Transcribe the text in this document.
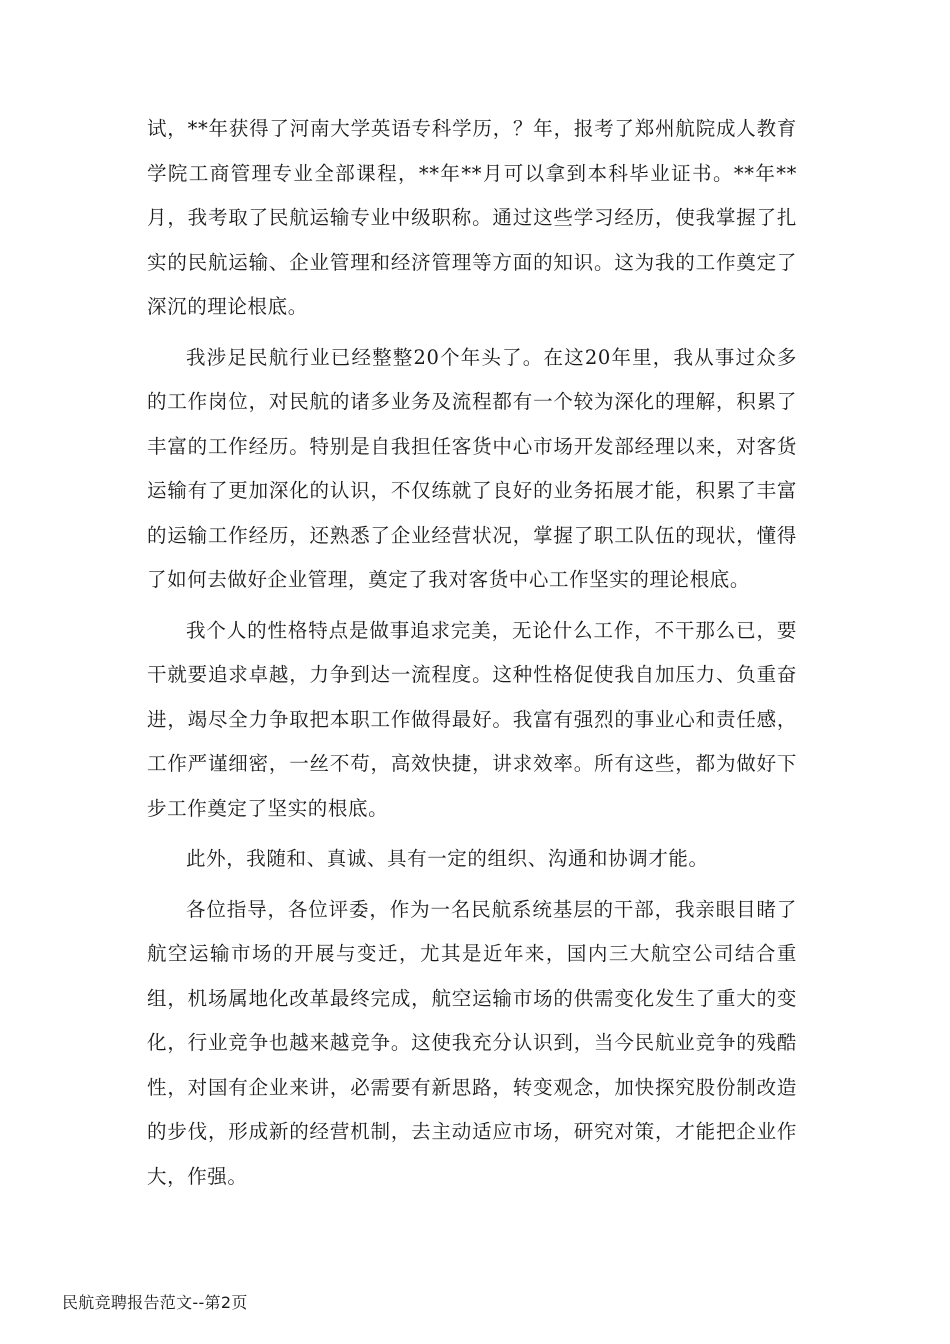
试，**年获得了河南大学英语专科学历，？年，报考了郑州航院成人教育学院工商管理专业全部课程，**年**月可以拿到本科毕业证书。**年**月，我考取了民航运输专业中级职称。通过这些学习经历，使我掌握了扎实的民航运输、企业管理和经济管理等方面的知识。这为我的工作奠定了深沉的理论根底。

我涉足民航行业已经整整20个年头了。在这20年里，我从事过众多的工作岗位，对民航的诸多业务及流程都有一个较为深化的理解，积累了丰富的工作经历。特别是自我担任客货中心市场开发部经理以来，对客货运输有了更加深化的认识，不仅练就了良好的业务拓展才能，积累了丰富的运输工作经历，还熟悉了企业经营状况，掌握了职工队伍的现状，懂得了如何去做好企业管理，奠定了我对客货中心工作坚实的理论根底。

我个人的性格特点是做事追求完美，无论什么工作，不干那么已，要干就要追求卓越，力争到达一流程度。这种性格促使我自加压力、负重奋进，竭尽全力争取把本职工作做得最好。我富有强烈的事业心和责任感，工作严谨细密，一丝不苟，高效快捷，讲求效率。所有这些，都为做好下步工作奠定了坚实的根底。

此外，我随和、真诚、具有一定的组织、沟通和协调才能。

各位指导，各位评委，作为一名民航系统基层的干部，我亲眼目睹了航空运输市场的开展与变迁，尤其是近年来，国内三大航空公司结合重组，机场属地化改革最终完成，航空运输市场的供需变化发生了重大的变化，行业竞争也越来越竞争。这使我充分认识到，当今民航业竞争的残酷性，对国有企业来讲，必需要有新思路，转变观念，加快探究股份制改造的步伐，形成新的经营机制，去主动适应市场，研究对策，才能把企业作大，作强。

民航竞聘报告范文--第2页
